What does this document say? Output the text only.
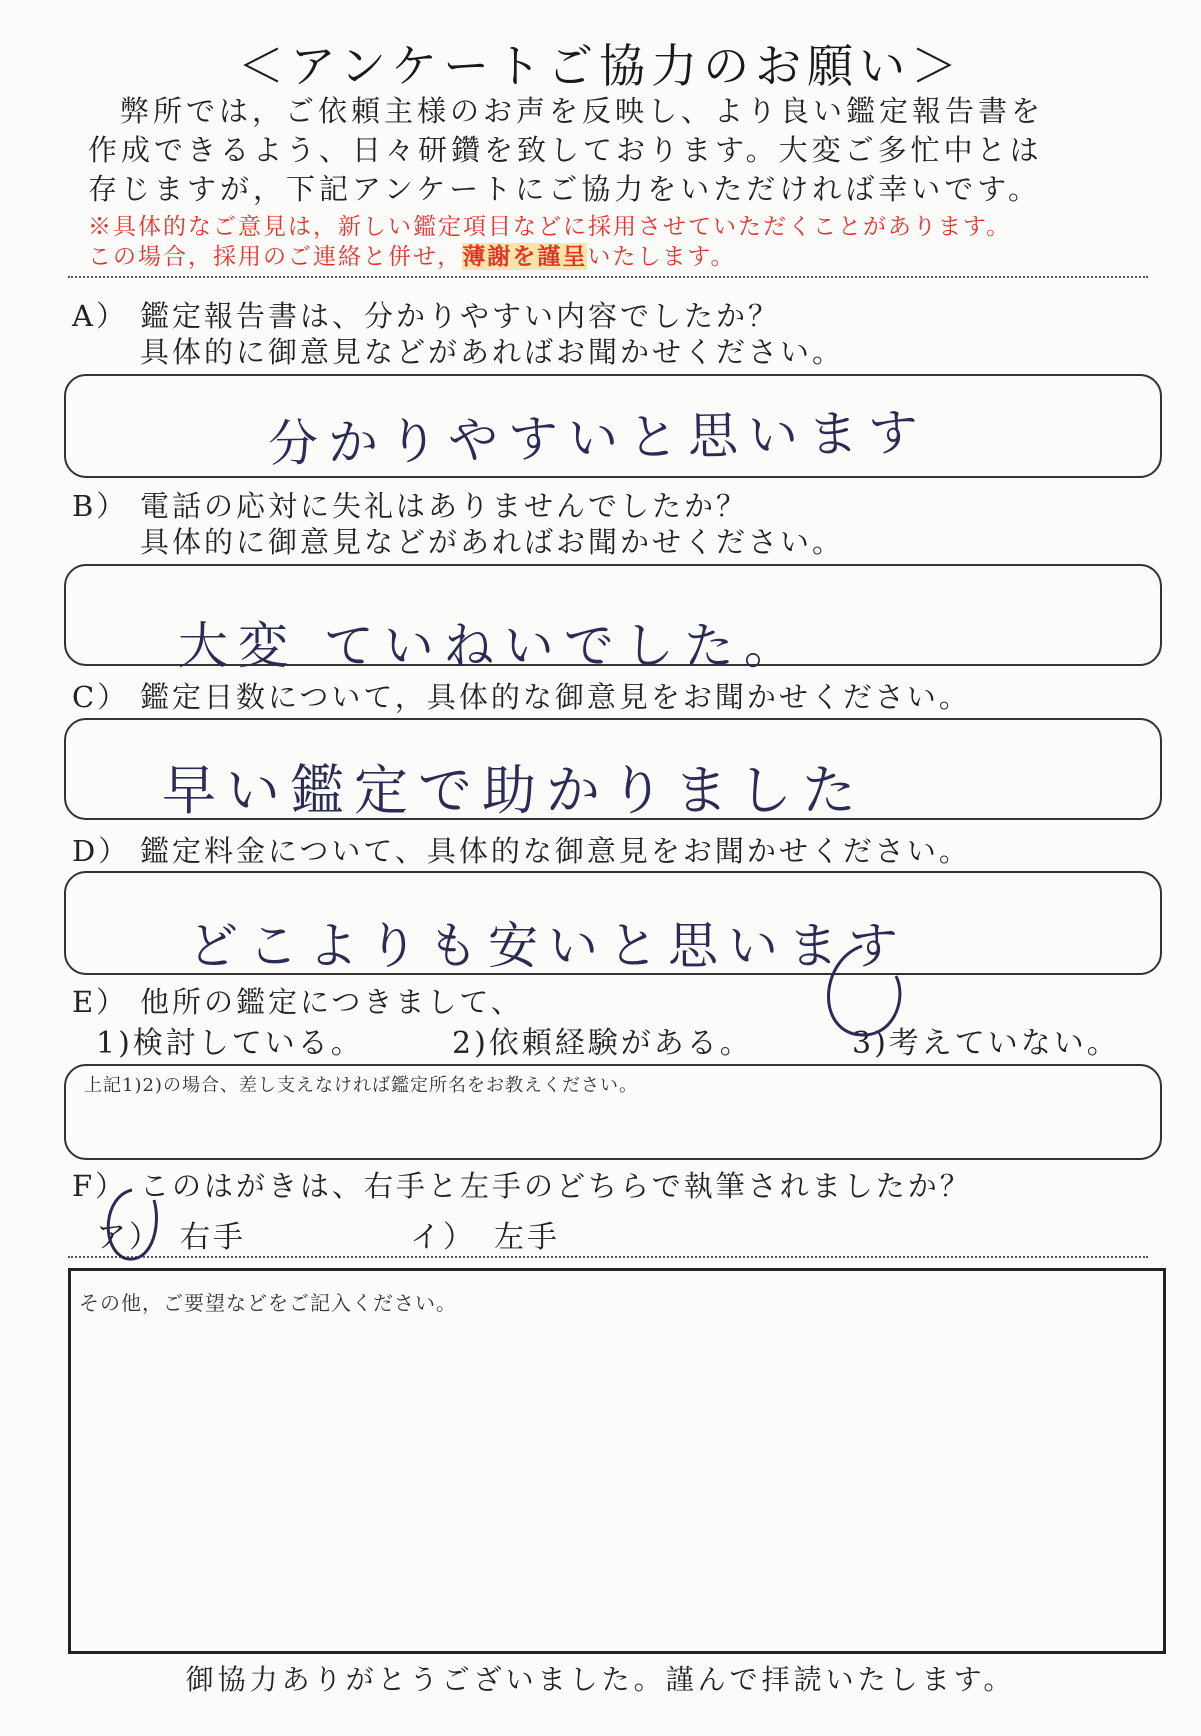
＜アンケートご協力のお願い＞

弊所では，ご依頼主様のお声を反映し、より良い鑑定報告書を

作成できるよう、日々研鑽を致しております。大変ご多忙中とは

存じますが，下記アンケートにご協力をいただければ幸いです。

※具体的なご意見は，新しい鑑定項目などに採用させていただくことがあります。

この場合，採用のご連絡と併せ，薄謝を謹呈いたします。

A） 鑑定報告書は、分かりやすい内容でしたか？
具体的に御意見などがあればお聞かせください。
分かりやすいと思います
B） 電話の応対に失礼はありませんでしたか？
具体的に御意見などがあればお聞かせください。
大変 ていねいでした。
C） 鑑定日数について，具体的な御意見をお聞かせください。
早い鑑定で助かりました
D） 鑑定料金について、具体的な御意見をお聞かせください。
どこよりも安いと思います
E） 他所の鑑定につきまして、
1)検討している。	2)依頼経験がある。	3)考えていない。
上記1)2)の場合、差し支えなければ鑑定所名をお教えください。
F） このはがきは、右手と左手のどちらで執筆されましたか？
ア）　右手	イ）　左手
その他，ご要望などをご記入ください。
御協力ありがとうございました。謹んで拝読いたします。
